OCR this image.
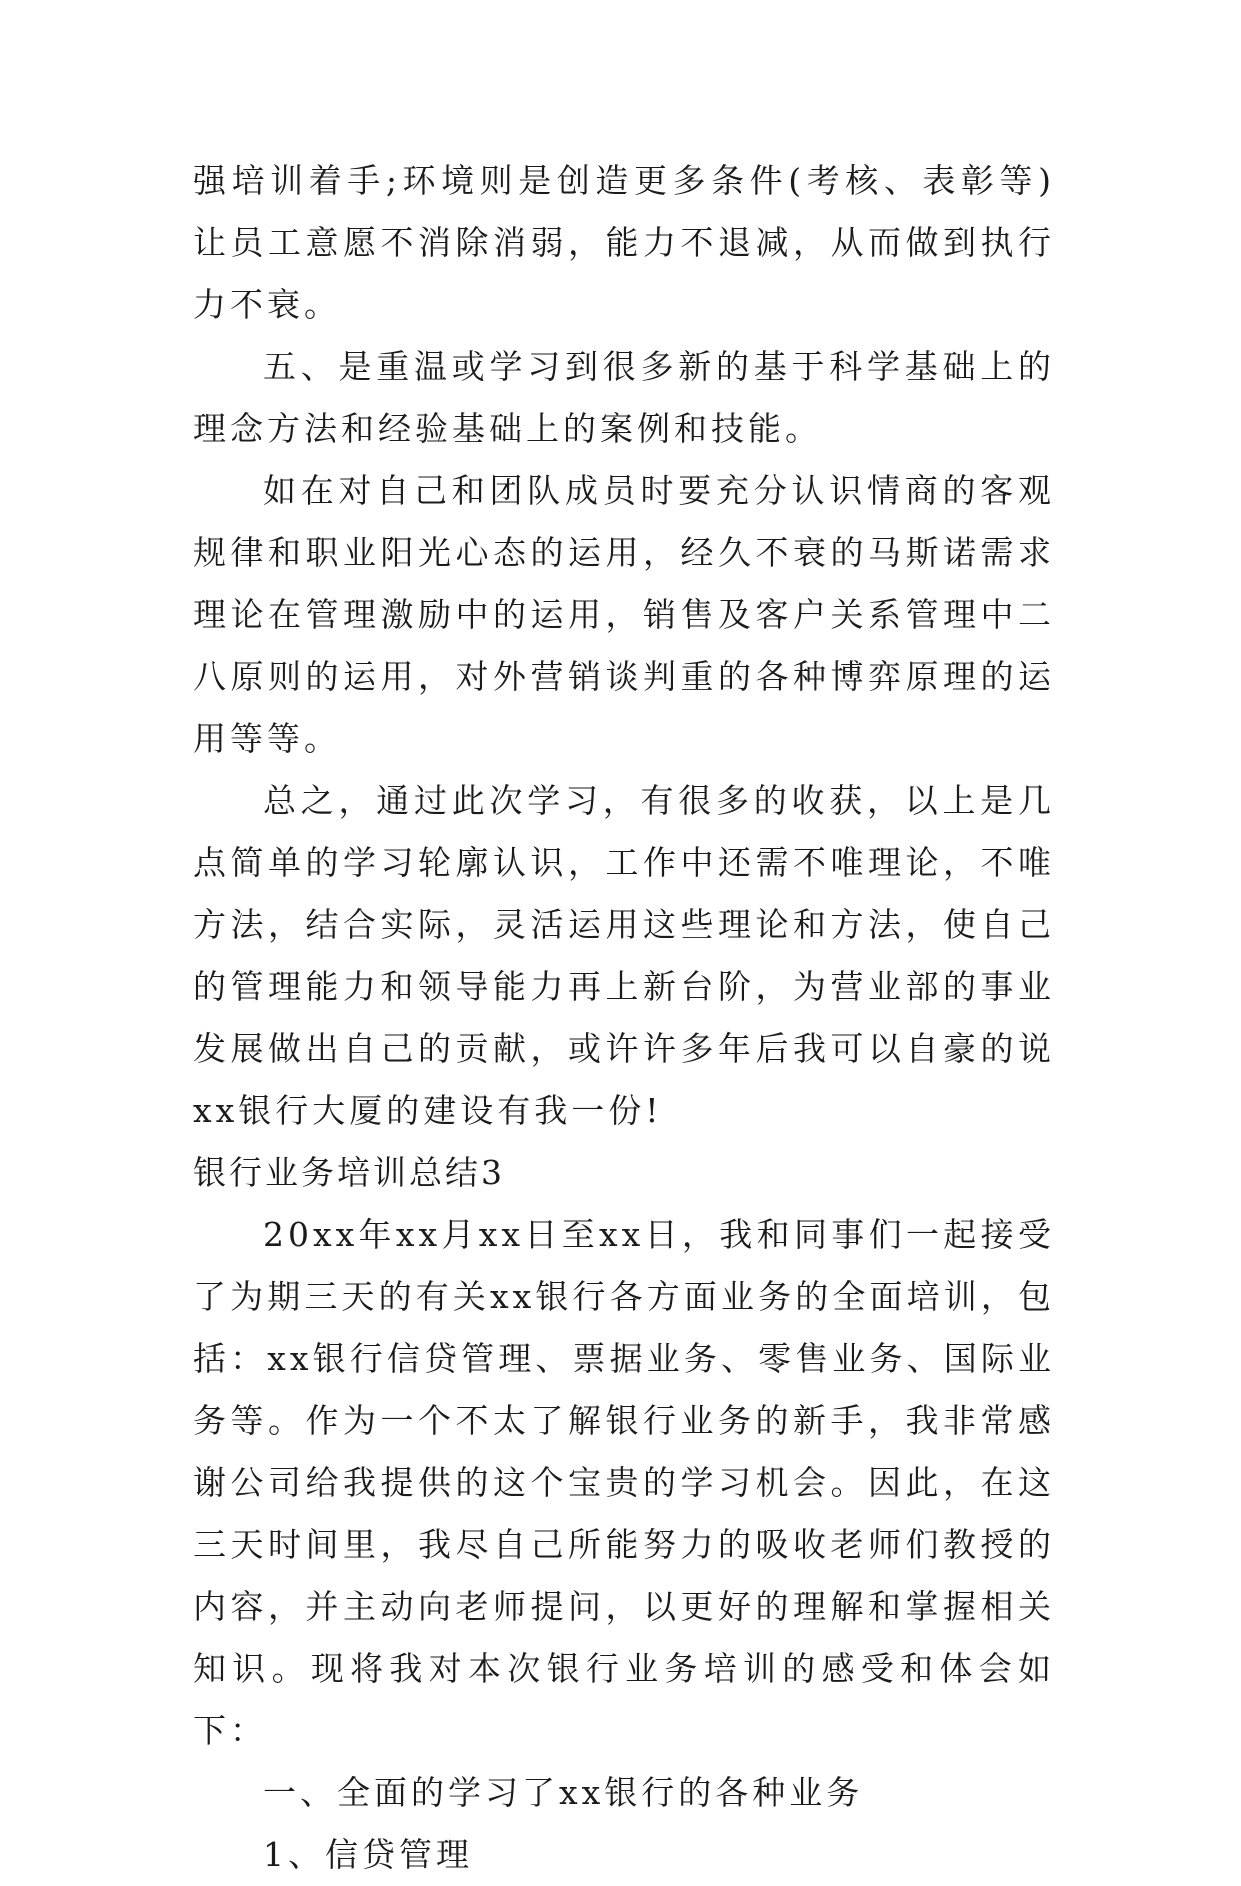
强培训着手;环境则是创造更多条件(考核、表彰等)让员工意愿不消除消弱，能力不退减，从而做到执行力不衰。

五、是重温或学习到很多新的基于科学基础上的理念方法和经验基础上的案例和技能。

如在对自己和团队成员时要充分认识情商的客观规律和职业阳光心态的运用，经久不衰的马斯诺需求理论在管理激励中的运用，销售及客户关系管理中二八原则的运用，对外营销谈判重的各种博弈原理的运用等等。

总之，通过此次学习，有很多的收获，以上是几点简单的学习轮廓认识，工作中还需不唯理论，不唯方法，结合实际，灵活运用这些理论和方法，使自己的管理能力和领导能力再上新台阶，为营业部的事业发展做出自己的贡献，或许许多年后我可以自豪的说xx银行大厦的建设有我一份!

银行业务培训总结3

20xx年xx月xx日至xx日，我和同事们一起接受了为期三天的有关xx银行各方面业务的全面培训，包括：xx银行信贷管理、票据业务、零售业务、国际业务等。作为一个不太了解银行业务的新手，我非常感谢公司给我提供的这个宝贵的学习机会。因此，在这三天时间里，我尽自己所能努力的吸收老师们教授的内容，并主动向老师提问，以更好的理解和掌握相关知识。现将我对本次银行业务培训的感受和体会如下：

一、全面的学习了xx银行的各种业务

1、信贷管理
